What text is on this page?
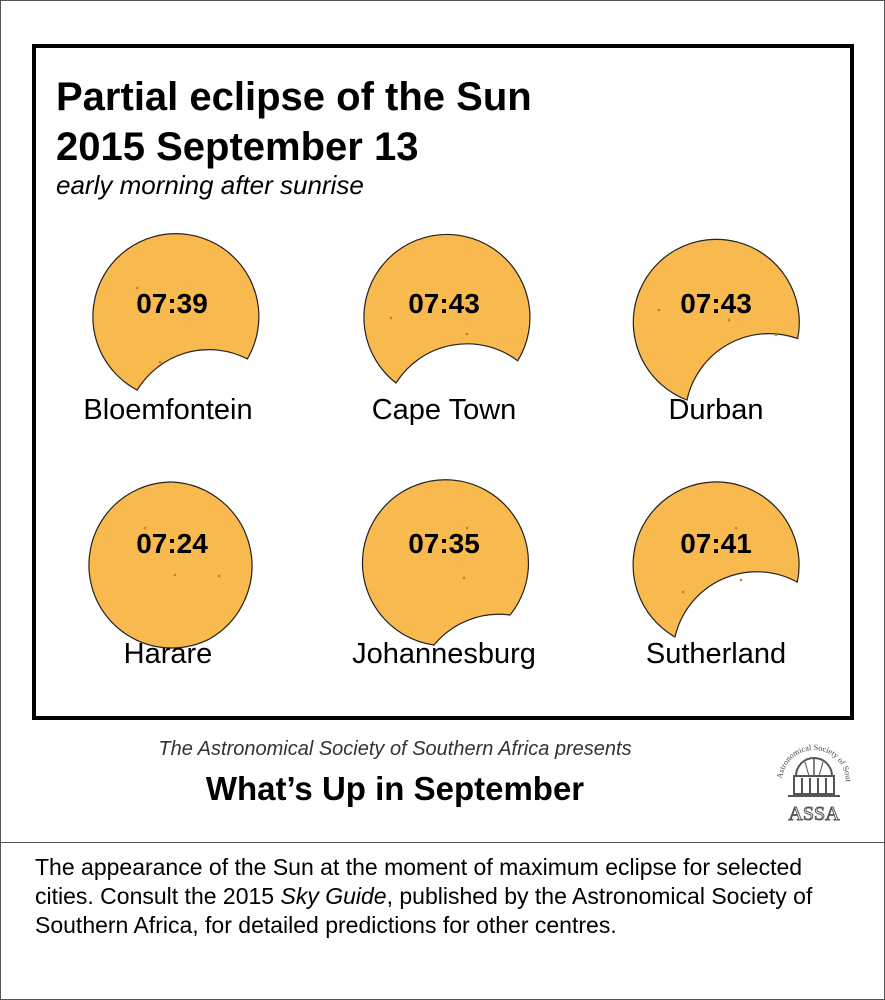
Partial eclipse of the Sun
2015 September 13
early morning after sunrise
07:39
Bloemfontein
07:43
Cape Town
07:43
Durban
07:24
Harare
07:35
Johannesburg
07:41
Sutherland
The Astronomical Society of Southern Africa presents
What’s Up in September	Astronomical Society of Sout
ASSA
The appearance of the Sun at the moment of maximum eclipse for selected cities. Consult the 2015 Sky Guide, published by the Astronomical Society of Southern Africa, for detailed predictions for other centres.
